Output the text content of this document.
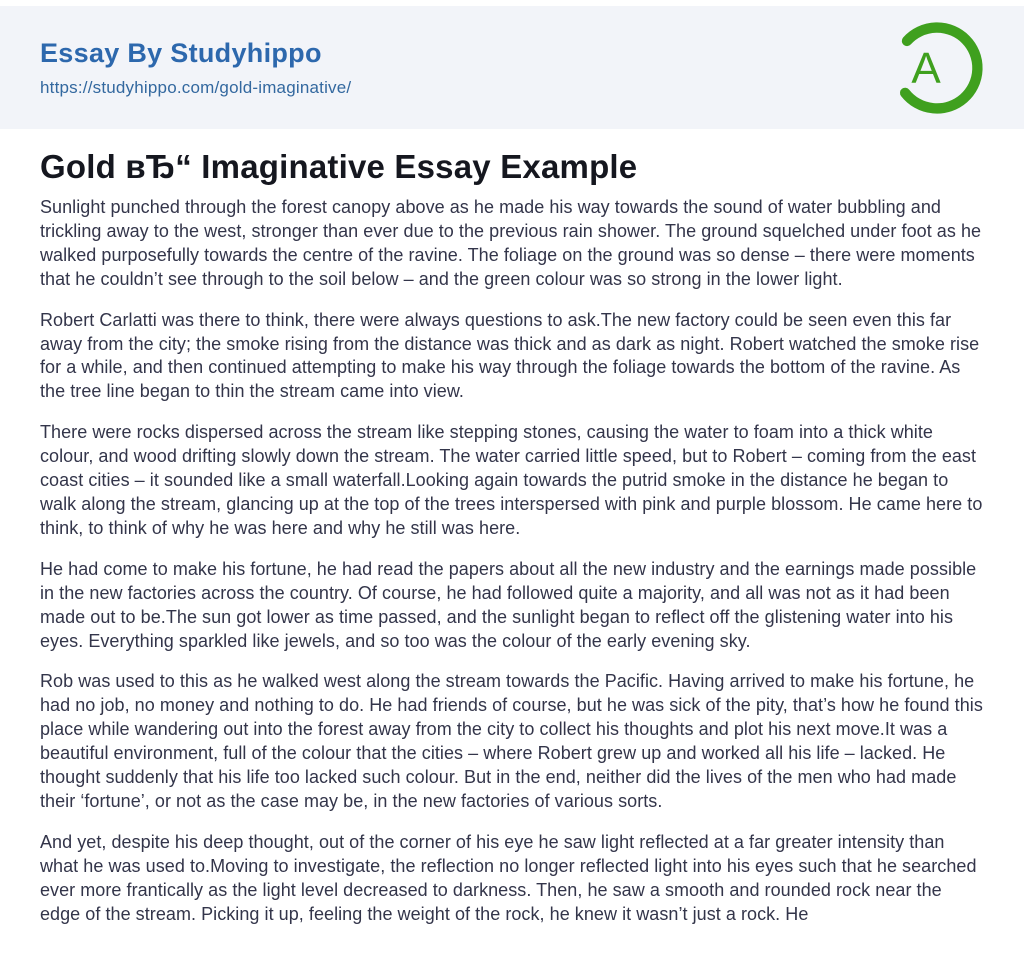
Essay By Studyhippo
https://studyhippo.com/gold-imaginative/	A
Gold вЂ“ Imaginative Essay Example

Sunlight punched through the forest canopy above as he made his way towards the sound of water bubbling and trickling away to the west, stronger than ever due to the previous rain shower. The ground squelched under foot as he walked purposefully towards the centre of the ravine. The foliage on the ground was so dense – there were moments that he couldn’t see through to the soil below – and the green colour was so strong in the lower light.

Robert Carlatti was there to think, there were always questions to ask.The new factory could be seen even this far away from the city; the smoke rising from the distance was thick and as dark as night. Robert watched the smoke rise for a while, and then continued attempting to make his way through the foliage towards the bottom of the ravine. As the tree line began to thin the stream came into view.

There were rocks dispersed across the stream like stepping stones, causing the water to foam into a thick white colour, and wood drifting slowly down the stream. The water carried little speed, but to Robert – coming from the east coast cities – it sounded like a small waterfall.Looking again towards the putrid smoke in the distance he began to walk along the stream, glancing up at the top of the trees interspersed with pink and purple blossom. He came here to think, to think of why he was here and why he still was here.

He had come to make his fortune, he had read the papers about all the new industry and the earnings made possible in the new factories across the country. Of course, he had followed quite a majority, and all was not as it had been made out to be.The sun got lower as time passed, and the sunlight began to reflect off the glistening water into his eyes. Everything sparkled like jewels, and so too was the colour of the early evening sky.

Rob was used to this as he walked west along the stream towards the Pacific. Having arrived to make his fortune, he had no job, no money and nothing to do. He had friends of course, but he was sick of the pity, that’s how he found this place while wandering out into the forest away from the city to collect his thoughts and plot his next move.It was a beautiful environment, full of the colour that the cities – where Robert grew up and worked all his life – lacked. He thought suddenly that his life too lacked such colour. But in the end, neither did the lives of the men who had made their ‘fortune’, or not as the case may be, in the new factories of various sorts.

And yet, despite his deep thought, out of the corner of his eye he saw light reflected at a far greater intensity than what he was used to.Moving to investigate, the reflection no longer reflected light into his eyes such that he searched ever more frantically as the light level decreased to darkness. Then, he saw a smooth and rounded rock near the edge of the stream. Picking it up, feeling the weight of the rock, he knew it wasn’t just a rock. He
